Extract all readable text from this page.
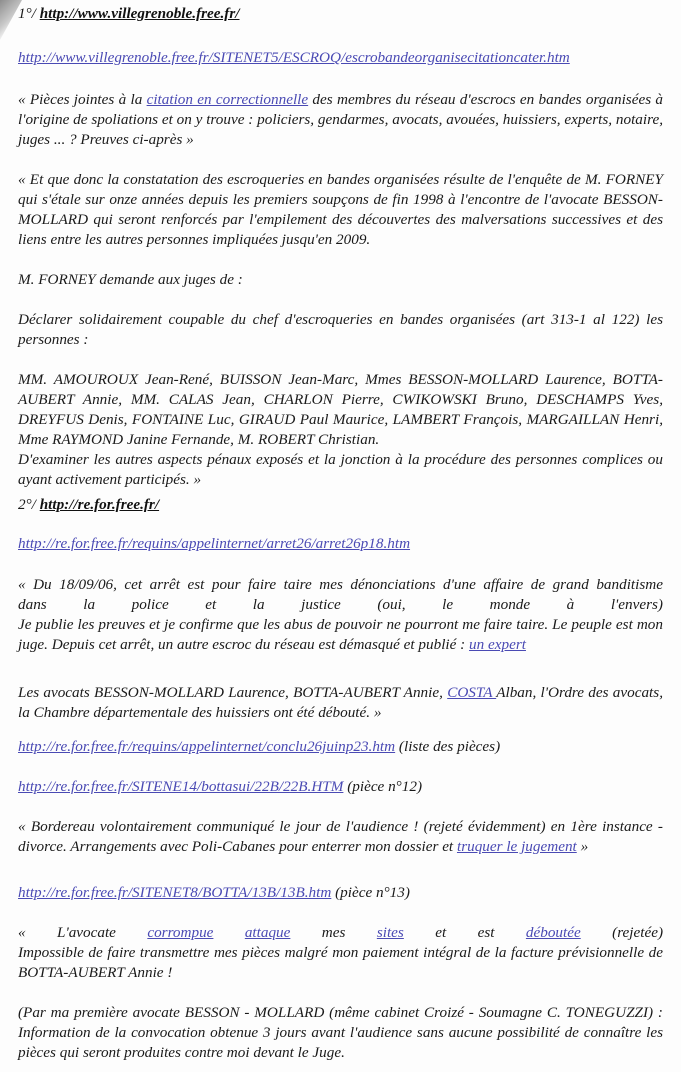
1°/ http://www.villegrenoble.free.fr/

http://www.villegrenoble.free.fr/SITENET5/ESCROQ/escrobandeorganisecitationcater.htm

« Pièces jointes à la citation en correctionnelle des membres du réseau d'escrocs en bandes organisées à l'origine de spoliations et on y trouve : policiers, gendarmes, avocats, avouées, huissiers, experts, notaire, juges ... ? Preuves ci-après »

« Et que donc la constatation des escroqueries en bandes organisées résulte de l'enquête de M. FORNEY qui s'étale sur onze années depuis les premiers soupçons de fin 1998 à l'encontre de l'avocate BESSON-MOLLARD qui seront renforcés par l'empilement des découvertes des malversations successives et des liens entre les autres personnes impliquées jusqu'en 2009.

M. FORNEY demande aux juges de :

Déclarer solidairement coupable du chef d'escroqueries en bandes organisées (art 313-1 al 122) les personnes :

MM. AMOUROUX Jean-René, BUISSON Jean-Marc, Mmes BESSON-MOLLARD Laurence, BOTTA-AUBERT Annie, MM. CALAS Jean, CHARLON Pierre, CWIKOWSKI Bruno, DESCHAMPS Yves, DREYFUS Denis, FONTAINE Luc, GIRAUD Paul Maurice, LAMBERT François, MARGAILLAN Henri, Mme RAYMOND Janine Fernande, M. ROBERT Christian.

D'examiner les autres aspects pénaux exposés et la jonction à la procédure des personnes complices ou ayant activement participés. »

2°/ http://re.for.free.fr/

http://re.for.free.fr/requins/appelinternet/arret26/arret26p18.htm

« Du 18/09/06, cet arrêt est pour faire taire mes dénonciations d'une affaire de grand banditisme
dans la police et la justice (oui, le monde à l'envers)
Je publie les preuves et je confirme que les abus de pouvoir ne pourront me faire taire. Le peuple est mon juge. Depuis cet arrêt, un autre escroc du réseau est démasqué et publié : un expert

Les avocats BESSON-MOLLARD Laurence, BOTTA-AUBERT Annie, COSTA Alban, l'Ordre des avocats, la Chambre départementale des huissiers ont été débouté. »

http://re.for.free.fr/requins/appelinternet/conclu26juinp23.htm (liste des pièces)

http://re.for.free.fr/SITENE14/bottasui/22B/22B.HTM (pièce n°12)

« Bordereau volontairement communiqué le jour de l'audience ! (rejeté évidemment) en 1ère instance - divorce. Arrangements avec Poli-Cabanes pour enterrer mon dossier et truquer le jugement »

http://re.for.free.fr/SITENET8/BOTTA/13B/13B.htm (pièce n°13)

« L'avocate corrompue attaque mes sites et est déboutée (rejetée)
Impossible de faire transmettre mes pièces malgré mon paiement intégral de la facture prévisionnelle de BOTTA-AUBERT Annie !

(Par ma première avocate BESSON - MOLLARD (même cabinet Croizé - Soumagne C. TONEGUZZI) : Information de la convocation obtenue 3 jours avant l'audience sans aucune possibilité de connaître les pièces qui seront produites contre moi devant le Juge.
